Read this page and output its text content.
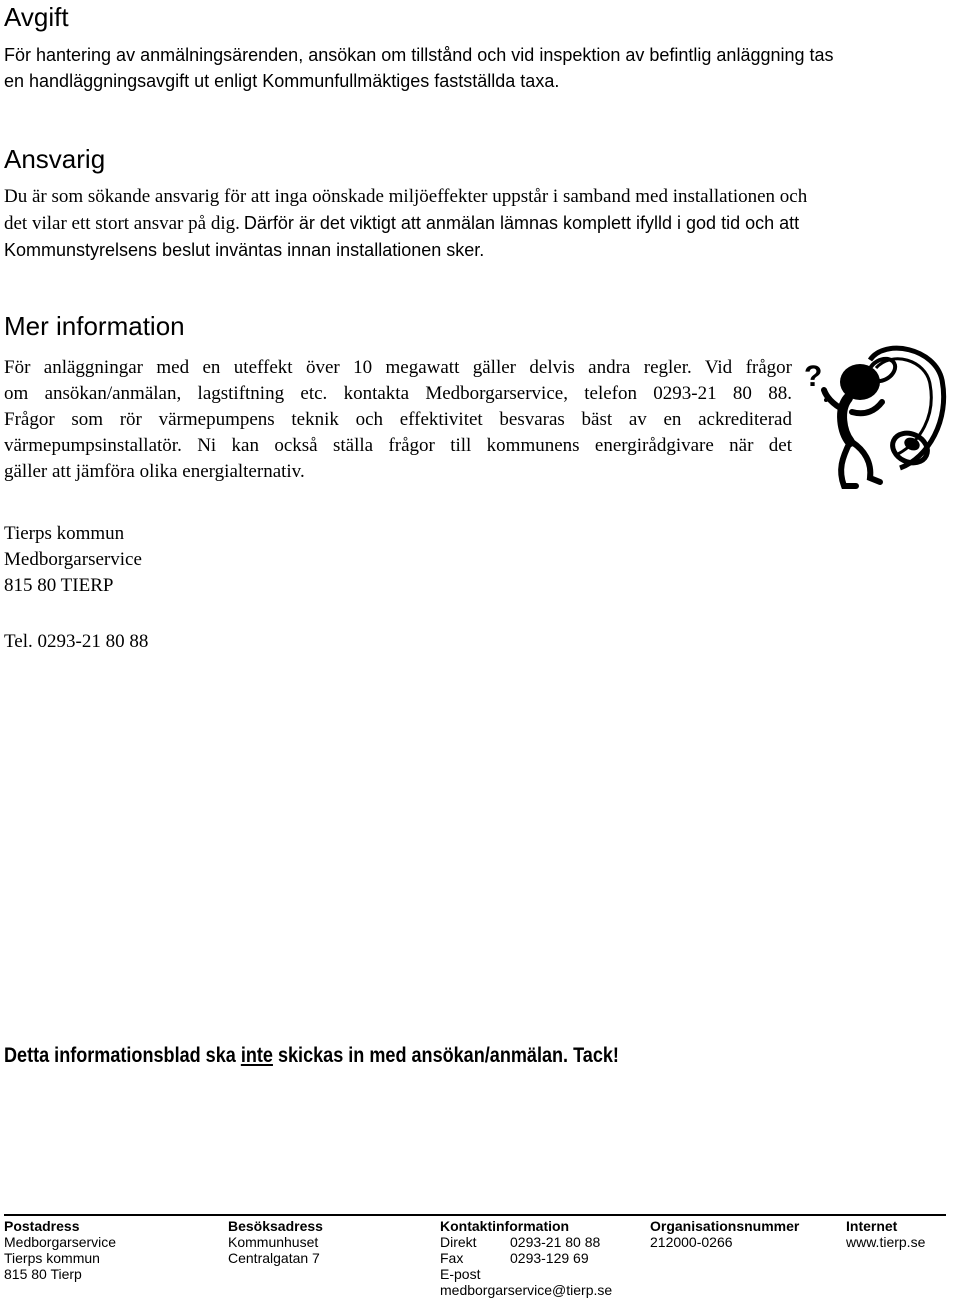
Avgift
För hantering av anmälningsärenden, ansökan om tillstånd och vid inspektion av befintlig anläggning tas
en handläggningsavgift ut enligt Kommunfullmäktiges fastställda taxa.
Ansvarig
Du är som sökande ansvarig för att inga oönskade miljöeffekter uppstår i samband med installationen och
det vilar ett stort ansvar på dig. Därför är det viktigt att anmälan lämnas komplett ifylld i god tid och att
Kommunstyrelsens beslut inväntas innan installationen sker.
Mer information
För anläggningar med en uteffekt över 10 megawatt gäller delvis andra regler. Vid frågor
om ansökan/anmälan, lagstiftning etc. kontakta Medborgarservice, telefon 0293-21 80 88.
Frågor som rör värmepumpens teknik och effektivitet besvaras bäst av en ackrediterad
värmepumpsinstallatör. Ni kan också ställa frågor till kommunens energirådgivare när det
gäller att jämföra olika energialternativ.
?
Tierps kommun
Medborgarservice
815 80 TIERP
Tel. 0293-21 80 88
Detta informationsblad ska inte skickas in med ansökan/anmälan. Tack!
Postadress
Medborgarservice
Tierps kommun
815 80 Tierp
Besöksadress
Kommunhuset
Centralgatan 7
Kontaktinformation
Direkt 0293-21 80 88
Fax	0293-129 69
E-postmedborgarservice@tierp.se
Organisationsnummer
212000-0266
Internet
www.tierp.se
